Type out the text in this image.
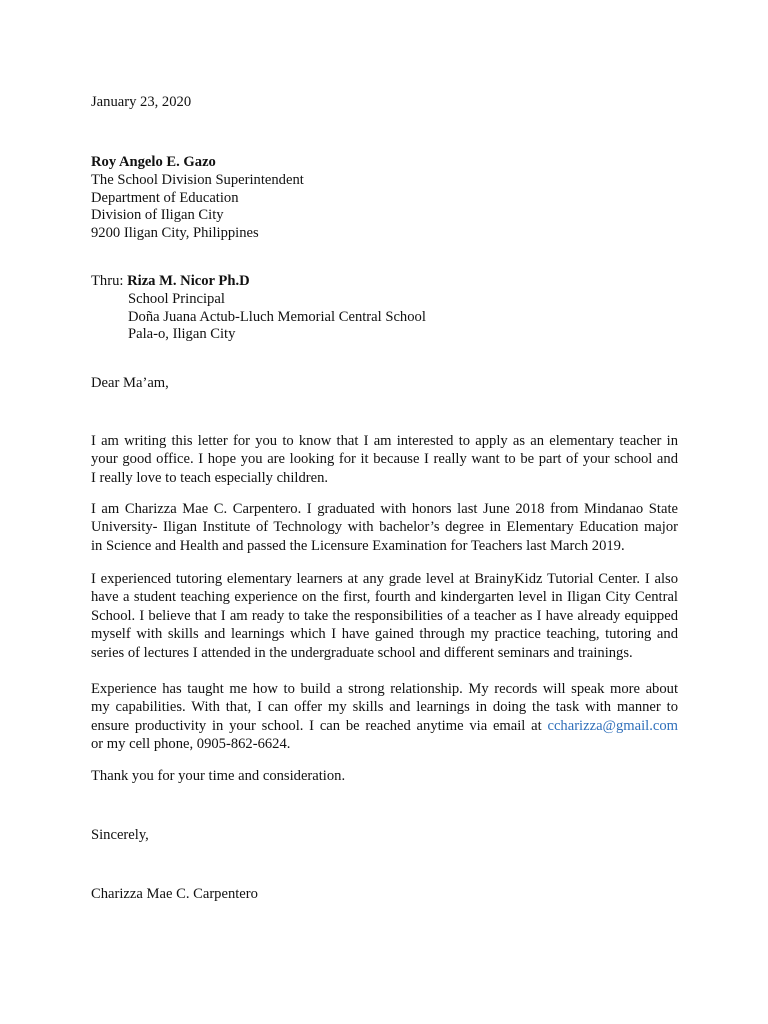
January 23, 2020
Roy Angelo E. Gazo
The School Division Superintendent
Department of Education
Division of Iligan City
9200 Iligan City, Philippines
Thru: Riza M. Nicor Ph.D
School Principal
Doña Juana Actub-Lluch Memorial Central School
Pala-o, Iligan City
Dear Ma’am,
I am writing this letter for you to know that I am interested to apply as an elementary teacher in
your good office. I hope you are looking for it because I really want to be part of your school and
I really love to teach especially children.
I am Charizza Mae C. Carpentero. I graduated with honors last June 2018 from Mindanao State
University- Iligan Institute of Technology with bachelor’s degree in Elementary Education major
in Science and Health and passed the Licensure Examination for Teachers last March 2019.
I experienced tutoring elementary learners at any grade level at BrainyKidz Tutorial Center. I also
have a student teaching experience on the first, fourth and kindergarten level in Iligan City Central
School. I believe that I am ready to take the responsibilities of a teacher as I have already equipped
myself with skills and learnings which I have gained through my practice teaching, tutoring and
series of lectures I attended in the undergraduate school and different seminars and trainings.
Experience has taught me how to build a strong relationship. My records will speak more about
my capabilities. With that, I can offer my skills and learnings in doing the task with manner to
ensure productivity in your school. I can be reached anytime via email at ccharizza@gmail.com
or my cell phone, 0905-862-6624.
Thank you for your time and consideration.
Sincerely,
Charizza Mae C. Carpentero
